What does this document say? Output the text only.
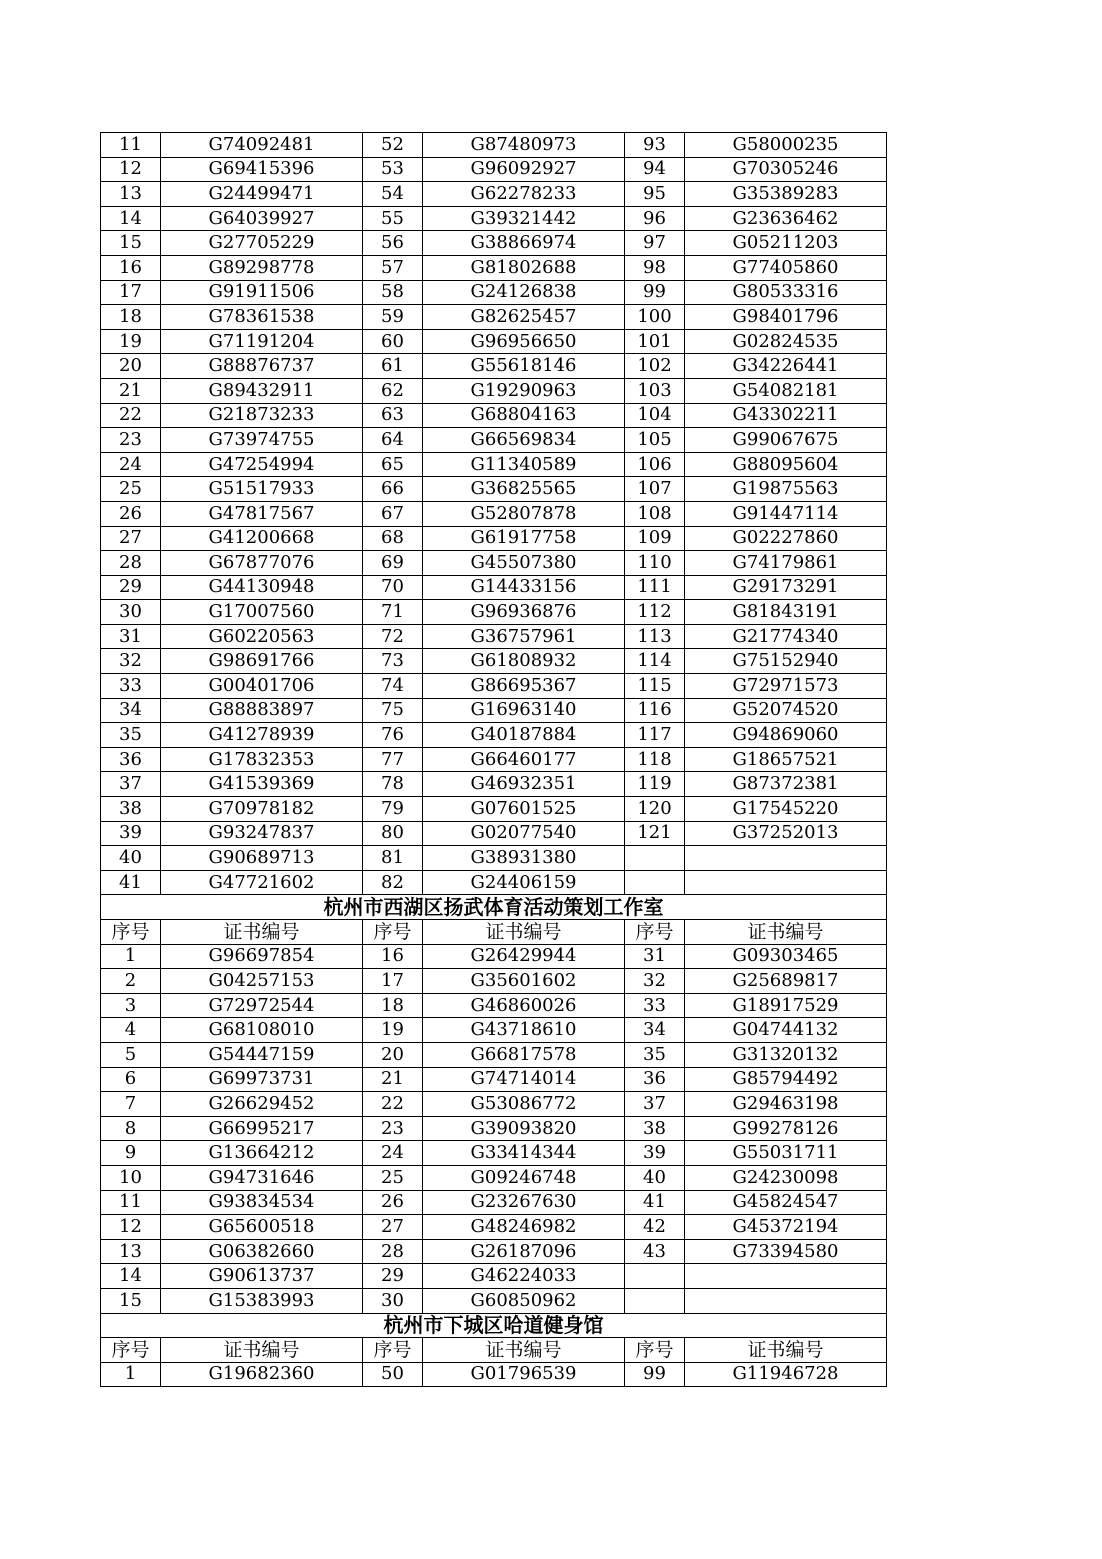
11	G74092481	52	G87480973	93	G58000235
12	G69415396	53	G96092927	94	G70305246
13	G24499471	54	G62278233	95	G35389283
14	G64039927	55	G39321442	96	G23636462
15	G27705229	56	G38866974	97	G05211203
16	G89298778	57	G81802688	98	G77405860
17	G91911506	58	G24126838	99	G80533316
18	G78361538	59	G82625457	100	G98401796
19	G71191204	60	G96956650	101	G02824535
20	G88876737	61	G55618146	102	G34226441
21	G89432911	62	G19290963	103	G54082181
22	G21873233	63	G68804163	104	G43302211
23	G73974755	64	G66569834	105	G99067675
24	G47254994	65	G11340589	106	G88095604
25	G51517933	66	G36825565	107	G19875563
26	G47817567	67	G52807878	108	G91447114
27	G41200668	68	G61917758	109	G02227860
28	G67877076	69	G45507380	110	G74179861
29	G44130948	70	G14433156	111	G29173291
30	G17007560	71	G96936876	112	G81843191
31	G60220563	72	G36757961	113	G21774340
32	G98691766	73	G61808932	114	G75152940
33	G00401706	74	G86695367	115	G72971573
34	G88883897	75	G16963140	116	G52074520
35	G41278939	76	G40187884	117	G94869060
36	G17832353	77	G66460177	118	G18657521
37	G41539369	78	G46932351	119	G87372381
38	G70978182	79	G07601525	120	G17545220
39	G93247837	80	G02077540	121	G37252013
40	G90689713	81	G38931380		
41	G47721602	82	G24406159		
杭州市西湖区扬武体育活动策划工作室					
序号	证书编号	序号	证书编号	序号	证书编号
1	G96697854	16	G26429944	31	G09303465
2	G04257153	17	G35601602	32	G25689817
3	G72972544	18	G46860026	33	G18917529
4	G68108010	19	G43718610	34	G04744132
5	G54447159	20	G66817578	35	G31320132
6	G69973731	21	G74714014	36	G85794492
7	G26629452	22	G53086772	37	G29463198
8	G66995217	23	G39093820	38	G99278126
9	G13664212	24	G33414344	39	G55031711
10	G94731646	25	G09246748	40	G24230098
11	G93834534	26	G23267630	41	G45824547
12	G65600518	27	G48246982	42	G45372194
13	G06382660	28	G26187096	43	G73394580
14	G90613737	29	G46224033		
15	G15383993	30	G60850962		
杭州市下城区哈道健身馆					
序号	证书编号	序号	证书编号	序号	证书编号
1	G19682360	50	G01796539	99	G11946728
